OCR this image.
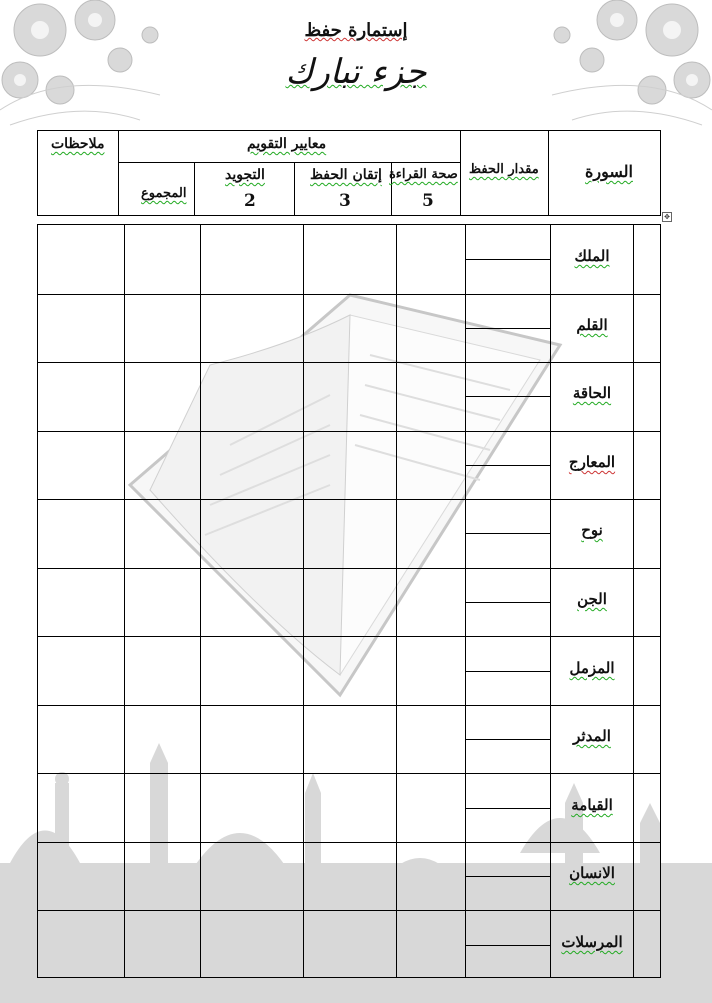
إستمارة حفظ
جزء تبارك
ملاحظات	معايير التقويم
المجموع
التجويد
2
إتقان الحفظ
3
صحة القراءة
5
مقدار الحفظ	السورة
✥
الملك
القلم
الحاقة
المعارج
نوح
الجن
المزمل
المدثر
القيامة
الانسان
المرسلات
